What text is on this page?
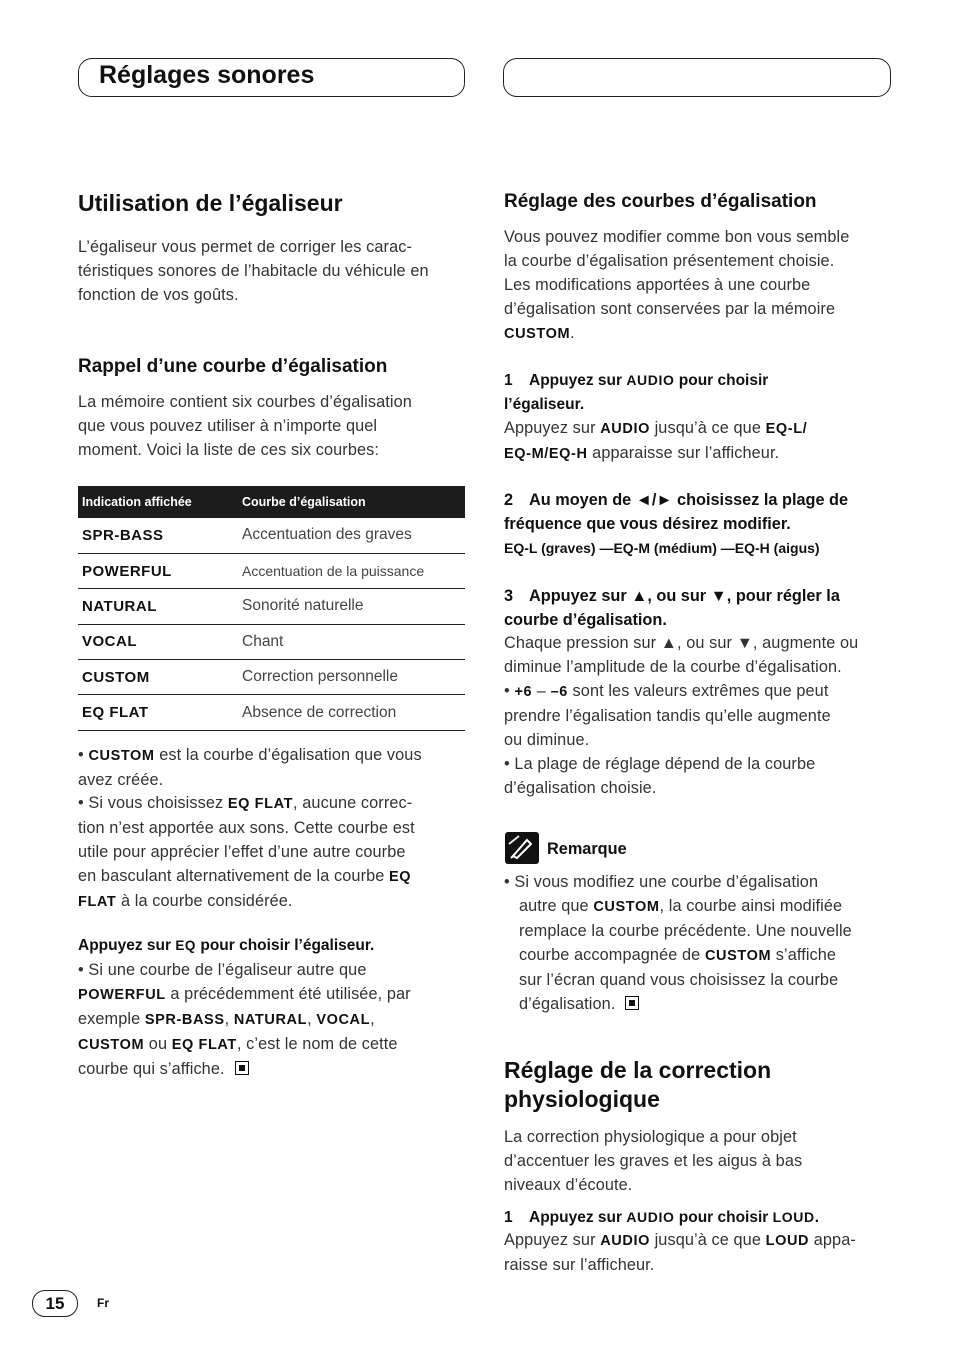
Réglages sonores
Utilisation de l’égaliseur
L’égaliseur vous permet de corriger les carac-
téristiques sonores de l’habitacle du véhicule en
fonction de vos goûts.
Rappel d’une courbe d’égalisation
La mémoire contient six courbes d’égalisation
que vous pouvez utiliser à n’importe quel
moment. Voici la liste de ces six courbes:
Indication affichée	Courbe d’égalisation
SPR-BASS	Accentuation des graves
POWERFUL	Accentuation de la puissance
NATURAL	Sonorité naturelle
VOCAL	Chant
CUSTOM	Correction personnelle
EQ FLAT	Absence de correction
• CUSTOM est la courbe d’égalisation que vous
avez créée.
• Si vous choisissez EQ FLAT, aucune correc-
tion n’est apportée aux sons. Cette courbe est
utile pour apprécier l’effet d’une autre courbe
en basculant alternativement de la courbe EQ
FLAT à la courbe considérée.
Appuyez sur EQ pour choisir l’égaliseur.
• Si une courbe de l’égaliseur autre que
POWERFUL a précédemment été utilisée, par
exemple SPR-BASS, NATURAL, VOCAL,
CUSTOM ou EQ FLAT, c’est le nom de cette
courbe qui s’affiche.
Réglage des courbes d’égalisation
Vous pouvez modifier comme bon vous semble
la courbe d’égalisation présentement choisie.
Les modifications apportées à une courbe
d’égalisation sont conservées par la mémoire
CUSTOM.
1 Appuyez sur AUDIO pour choisir
l’égaliseur.
Appuyez sur AUDIO jusqu’à ce que EQ-L/
EQ-M/EQ-H apparaisse sur l’afficheur.
2 Au moyen de ◄/► choisissez la plage de
fréquence que vous désirez modifier.
EQ-L (graves) —EQ-M (médium) —EQ-H (aigus)
3 Appuyez sur ▲, ou sur ▼, pour régler la
courbe d’égalisation.
Chaque pression sur ▲, ou sur ▼, augmente ou
diminue l’amplitude de la courbe d’égalisation.
• +6 – –6 sont les valeurs extrêmes que peut
prendre l’égalisation tandis qu’elle augmente
ou diminue.
• La plage de réglage dépend de la courbe
d’égalisation choisie.
Remarque
• Si vous modifiez une courbe d’égalisation
autre que CUSTOM, la courbe ainsi modifiée
remplace la courbe précédente. Une nouvelle
courbe accompagnée de CUSTOM s’affiche
sur l’écran quand vous choisissez la courbe
d’égalisation.
Réglage de la correction
physiologique
La correction physiologique a pour objet
d’accentuer les graves et les aigus à bas
niveaux d’écoute.
1 Appuyez sur AUDIO pour choisir LOUD.
Appuyez sur AUDIO jusqu’à ce que LOUD appa-
raisse sur l’afficheur.
15	Fr
